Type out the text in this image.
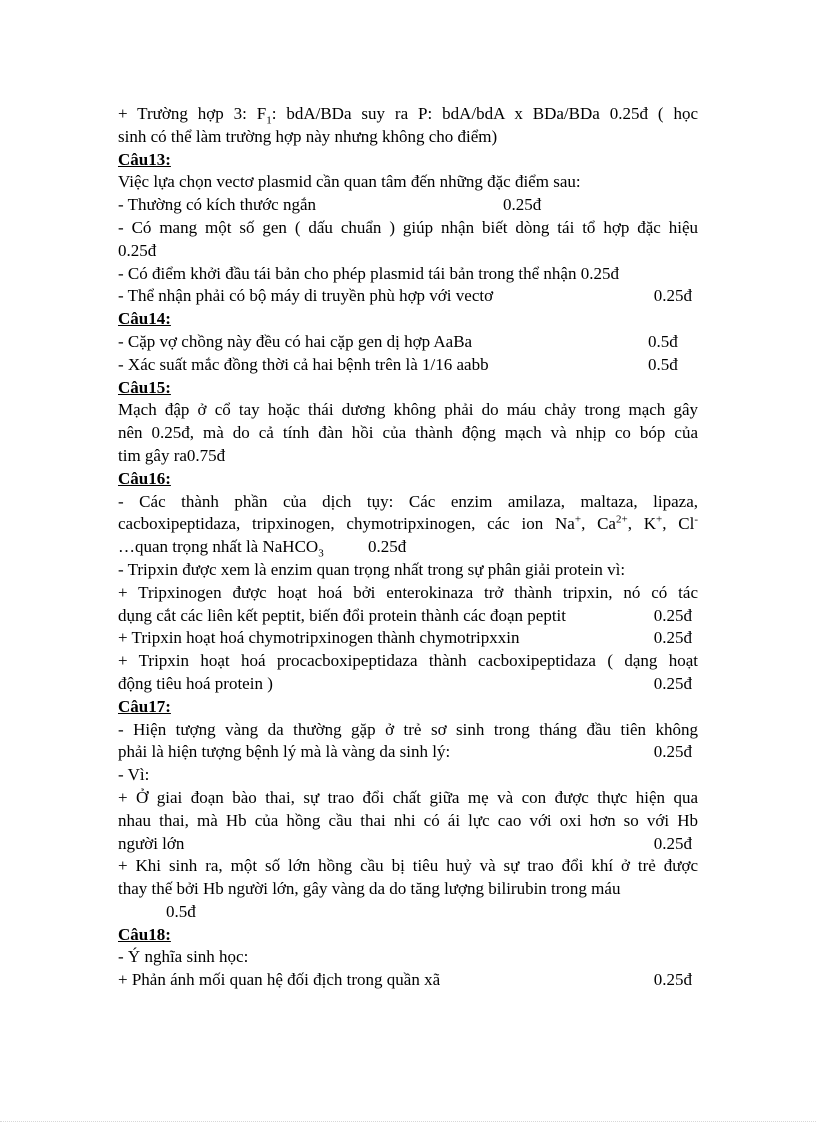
+ Trường hợp 3: $F_1$: bdA/BDa suy ra P: bdA/bdA x BDa/BDa 0.25đ ( học
sinh có thể làm trường hợp này nhưng không cho điểm)
Câu13:
Việc lựa chọn vectơ plasmid cần quan tâm đến những đặc điểm sau:
- Thường có kích thước ngắn	0.25đ
- Có mang một số gen ( dấu chuẩn ) giúp nhận biết dòng tái tổ hợp đặc hiệu
0.25đ
- Có điểm khởi đầu tái bản cho phép plasmid tái bản trong thể nhận 0.25đ
- Thể nhận phải có bộ máy di truyền phù hợp với vectơ	0.25đ
Câu14:
- Cặp vợ chồng này đều có hai cặp gen dị hợp AaBa	0.5đ
- Xác suất mắc đồng thời cả hai bệnh trên là 1/16 aabb	0.5đ
Câu15:
Mạch đập ở cổ tay hoặc thái dương không phải do máu chảy trong mạch gây
nên 0.25đ, mà do cả tính đàn hồi của thành động mạch và nhịp co bóp của
tim gây ra0.75đ
Câu16:
- Các thành phần của dịch tụy: Các enzim amilaza, maltaza, lipaza,
cacboxipeptidaza, tripxinogen, chymotripxinogen, các ion Na+, $Ca^{2+}$, K+, Cl-
…quan trọng nhất là NaHCO$_3$	0.25đ
- Tripxin được xem là enzim quan trọng nhất trong sự phân giải protein vì:
+ Tripxinogen được hoạt hoá bởi enterokinaza trở thành tripxin, nó có tác
dụng cắt các liên kết peptit, biến đổi protein thành các đoạn peptit	0.25đ
+ Tripxin hoạt hoá chymotripxinogen thành chymotripxxin	0.25đ
+ Tripxin hoạt hoá procacboxipeptidaza thành cacboxipeptidaza ( dạng hoạt
động tiêu hoá protein )	0.25đ
Câu17:
- Hiện tượng vàng da thường gặp ở trẻ sơ sinh trong tháng đầu tiên không
phải là hiện tượng bệnh lý mà là vàng da sinh lý:	0.25đ
- Vì:
+ Ở giai đoạn bào thai, sự trao đổi chất giữa mẹ và con được thực hiện qua
nhau thai, mà Hb của hồng cầu thai nhi có ái lực cao với oxi hơn so với Hb
người lớn	0.25đ
+ Khi sinh ra, một số lớn hồng cầu bị tiêu huỷ và sự trao đổi khí ở trẻ được
thay thế bởi Hb người lớn, gây vàng da do tăng lượng bilirubin trong máu
0.5đ
Câu18:
- Ý nghĩa sinh học:
+ Phản ánh mối quan hệ đối địch trong quần xã	0.25đ
